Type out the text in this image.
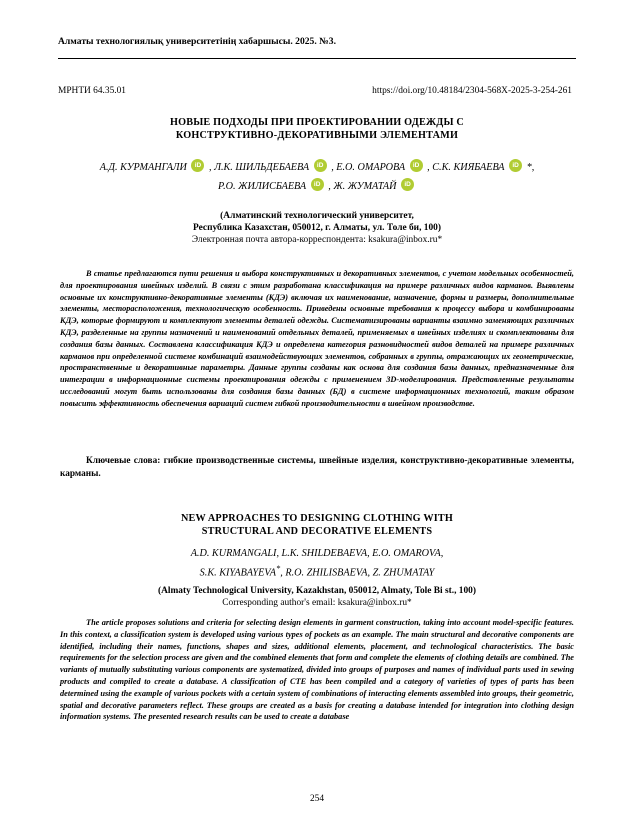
Алматы технологиялық университетінің хабаршысы. 2025. №3.
МРНТИ 64.35.01	https://doi.org/10.48184/2304-568X-2025-3-254-261
НОВЫЕ ПОДХОДЫ ПРИ ПРОЕКТИРОВАНИИ ОДЕЖДЫ С
КОНСТРУКТИВНО-ДЕКОРАТИВНЫМИ ЭЛЕМЕНТАМИ
А.Д. КУРМАНГАЛИ iD , Л.К. ШИЛЬДЕБАЕВА iD , Е.О. ОМАРОВА iD , С.К. КИЯБАЕВА iD *,
Р.О. ЖИЛИСБАЕВА iD , Ж. ЖУМАТАЙ iD
(Алматинский технологический университет,
Республика Казахстан, 050012, г. Алматы, ул. Толе би, 100)
Электронная почта автора-корреспондента: ksakura@inbox.ru*

В статье предлагаются пути решения и выбора конструктивных и декоративных элементов, с учетом модельных особенностей, для проектирования швейных изделий. В связи с этим разработана классификация на примере различных видов карманов. Выявлены основные их конструктивно-декоративные элементы (КДЭ) включая их наименование, назначение, формы и размеры, дополнительные элементы, месторасположения, технологическую особенность. Приведены основные требования к процессу выбора и комбинированы КДЭ, которые формируют и комплектуют элементы деталей одежды. Систематизированы варианты взаимно заменяющих различных КДЭ, разделенные на группы назначений и наименований отдельных деталей, применяемых в швейных изделиях и скомплектованы для создания базы данных. Составлена классификация КДЭ и определена категория разновидностей видов деталей на примере различных карманов при определенной системе комбинаций взаимодействующих элементов, собранных в группы, отражающих их геометрические, пространственные и декоративные параметры. Данные группы созданы как основа для создания базы данных, предназначенные для интеграции в информационные системы проектирования одежды с применением 3D-моделирования. Представленные результаты исследований могут быть использованы для создания базы данных (БД) в системе информационных технологий, таким образом повысить эффективность обеспечения вариаций систем гибкой производительности в швейном производстве.

Ключевые слова: гибкие производственные системы, швейные изделия, конструктивно-декоративные элементы, карманы.

NEW APPROACHES TO DESIGNING CLOTHING WITH
STRUCTURAL AND DECORATIVE ELEMENTS
A.D. KURMANGALI, L.K. SHILDEBAEVA, E.O. OMAROVA,
S.K. KIYABAYEVA*, R.O. ZHILISBAEVA, Z. ZHUMATAY
(Almaty Technological University, Kazakhstan, 050012, Almaty, Tole Bi st., 100)
Corresponding author's email: ksakura@inbox.ru*

The article proposes solutions and criteria for selecting design elements in garment construction, taking into account model-specific features. In this context, a classification system is developed using various types of pockets as an example. The main structural and decorative components are identified, including their names, functions, shapes and sizes, additional elements, placement, and technological characteristics. The basic requirements for the selection process are given and the combined elements that form and complete the elements of clothing details are combined. The variants of mutually substituting various components are systematized, divided into groups of purposes and names of individual parts used in sewing products and compiled to create a database. A classification of CTE has been compiled and a category of varieties of types of parts has been determined using the example of various pockets with a certain system of combinations of interacting elements assembled into groups, their geometric, spatial and decorative parameters reflect. These groups are created as a basis for creating a database intended for integration into clothing design information systems. The presented research results can be used to create a database

254
